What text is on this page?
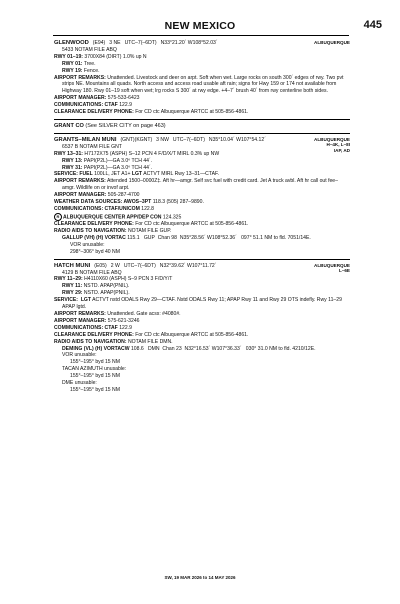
NEW MEXICO	445
ALBUQUERQUE
GLENWOOD (E94) 3 NE UTC–7(–6DT) N33°21.20´ W108°52.03´
5433 NOTAM FILE ABQ
RWY 01–19: 3700X84 (DIRT) 1.0% up N
RWY 01: Tree.
RWY 19: Fence.
AIRPORT REMARKS: Unattended. Livestock and deer on arpt. Soft when wet. Large rocks on south 300´ edges of rwy. Two pvt strips NE. Mountains all quads. North access and access road usable aft rain; signs for Hwy 159 or 174 not available from Highway 180. Rwy 01–19 soft when wet; lrg rocks S 300´ at rwy edge. +4–7´ brush 40´ from rwy centerline both sides.
AIRPORT MANAGER: 575-533-6423
COMMUNICATIONS: CTAF 122.9
CLEARANCE DELIVERY PHONE: For CD ctc Albuquerque ARTCC at 505-856-4861.
GRANT CO (See SILVER CITY on page 463)
ALBUQUERQUE
H–4K, L–8I
IAP, AD
GRANTS–MILAN MUNI (GNT)(KGNT) 3 NW UTC–7(–6DT) N35°10.04´ W107°54.12´
6537 B NOTAM FILE GNT
RWY 13–31: H7172X75 (ASPH) S–12 PCN 4 F/D/X/T MIRL 0.3% up NW
RWY 13: PAPI(P2L)—GA 3.0º TCH 44´.
RWY 31: PAPI(P2L)—GA 3.0º TCH 44´.
SERVICE: FUEL 100LL, JET A1+ LGT ACTVT MIRL Rwy 13–31—CTAF.
AIRPORT REMARKS: Attended 1500–0000Z‡. Aft hr—amgr. Self svc fuel with credit card. Jet A truck avbl. Aft hr call out fee–amgr. Wildlife on or invof arpt.
AIRPORT MANAGER: 505-287-4700
WEATHER DATA SOURCES: AWOS–3PT 118.3 (505) 287–9890.
COMMUNICATIONS: CTAF/UNICOM 122.8
R ALBUQUERQUE CENTER APP/DEP CON 124.325
CLEARANCE DELIVERY PHONE: For CD ctc Albuquerque ARTCC at 505-856-4861.
RADIO AIDS TO NAVIGATION: NOTAM FILE GUP.
GALLUP (VH) (H) VORTAC 115.1 GUP Chan 98 N35°28.56´ W108°52.36´ 097° 51.1 NM to fld. 7051/14E.
VOR unusable:
298°–306° byd 40 NM
ALBUQUERQUE
L–6E
HATCH MUNI (E05) 2 W UTC–7(–6DT) N32°39.62´ W107°11.72´
4129 B NOTAM FILE ABQ
RWY 11–29: H4110X60 (ASPH) S–9 PCN 3 F/D/Y/T
RWY 11: NSTD. APAP(PNIL).
RWY 29: NSTD. APAP(PNIL).
SERVICE: LGT ACTVT nstd ODALS Rwy 29—CTAF. Nstd ODALS Rwy 11; APAP Rwy 11 and Rwy 29 OTS indefly. Rwy 11–29 APAP lgtd.
AIRPORT REMARKS: Unattended. Gate acss: #4080#.
AIRPORT MANAGER: 575-621-3246
COMMUNICATIONS: CTAF 122.9
CLEARANCE DELIVERY PHONE: For CD ctc Albuquerque ARTCC at 505-856-4861.
RADIO AIDS TO NAVIGATION: NOTAM FILE DMN.
DEMING (VL) (H) VORTACW 108.6 DMN Chan 23 N32°16.53´ W107°36.33´ 030° 31.0 NM to fld. 4210/12E.
VOR unusable:
155°–195° byd 15 NM
TACAN AZIMUTH unusable:
155°–195° byd 15 NM
DME unusable:
155°–195° byd 15 NM
SW, 19 MAR 2026 to 14 MAY 2026
